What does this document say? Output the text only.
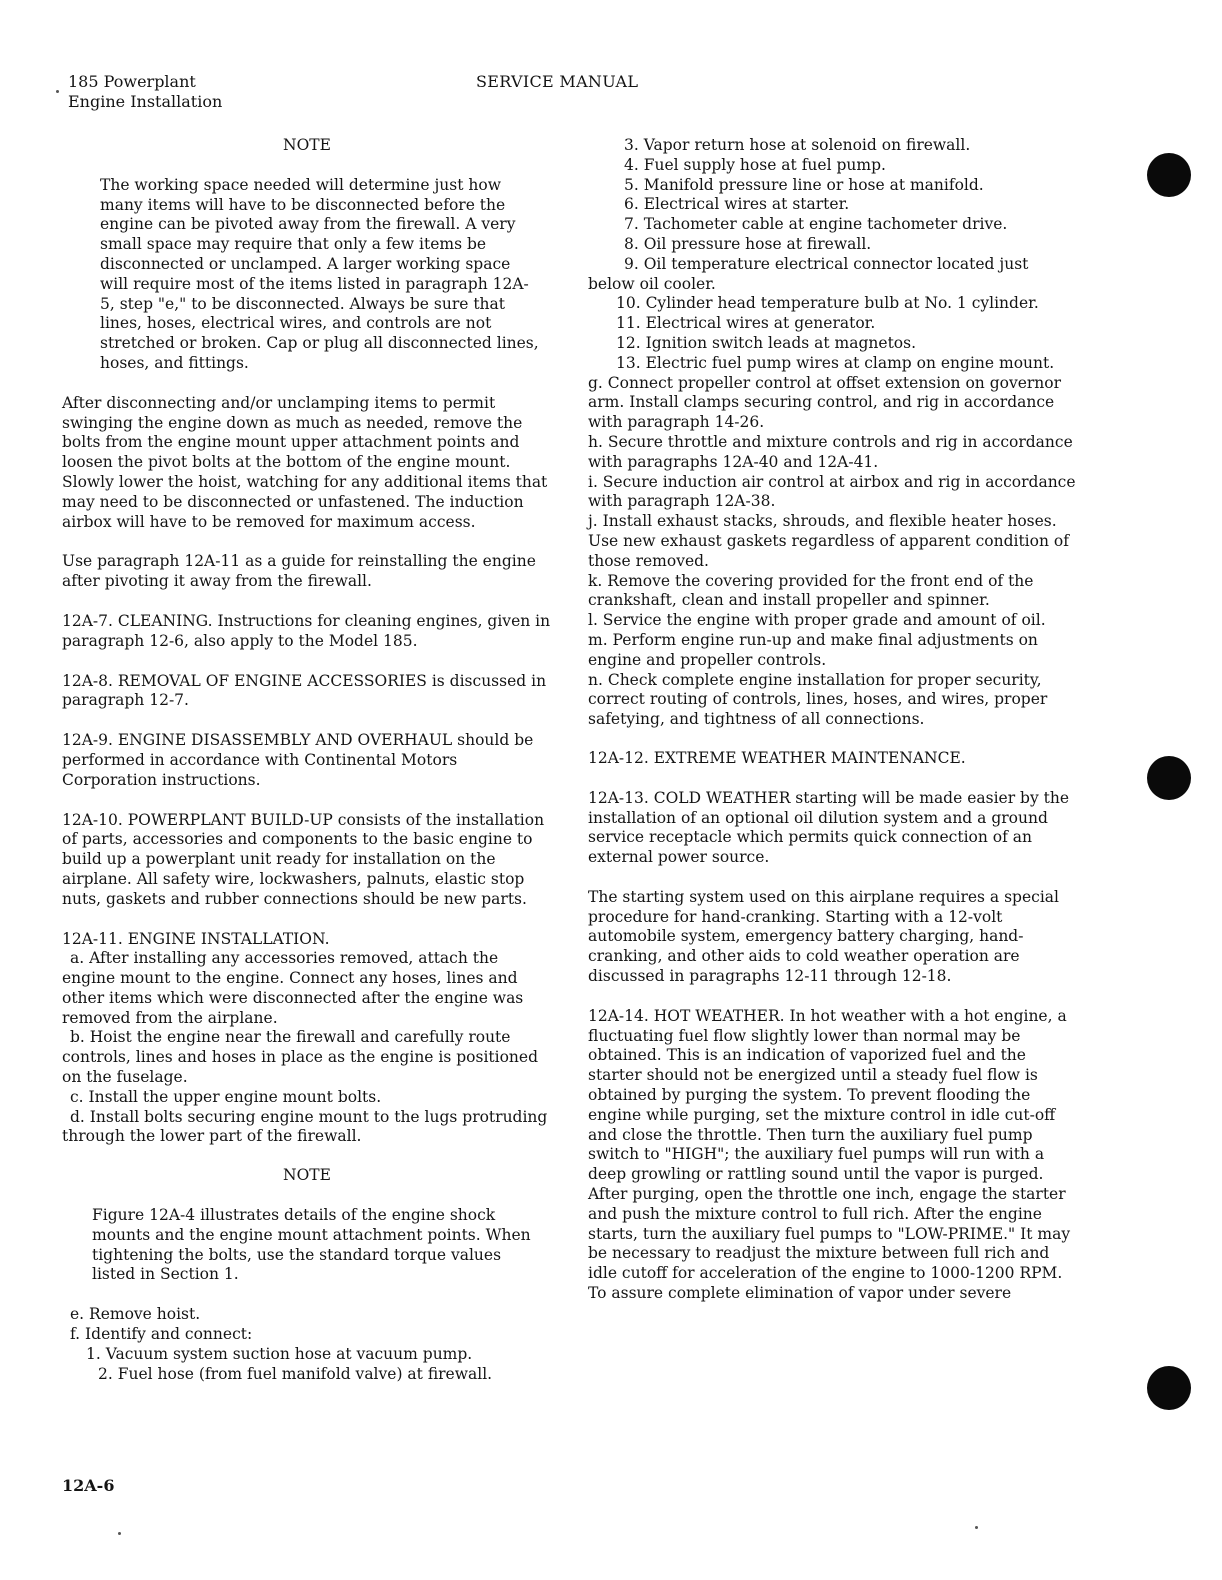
185 Powerplant
Engine Installation
SERVICE MANUAL
NOTE
The working space needed will determine just how many items will have to be disconnected before the engine can be pivoted away from the firewall. A very small space may require that only a few items be disconnected or unclamped. A larger working space will require most of the items listed in paragraph 12A-5, step "e," to be disconnected. Always be sure that lines, hoses, electrical wires, and controls are not stretched or broken. Cap or plug all disconnected lines, hoses, and fittings.
After disconnecting and/or unclamping items to permit swinging the engine down as much as needed, remove the bolts from the engine mount upper attachment points and loosen the pivot bolts at the bottom of the engine mount. Slowly lower the hoist, watching for any additional items that may need to be disconnected or unfastened. The induction airbox will have to be removed for maximum access.
Use paragraph 12A-11 as a guide for reinstalling the engine after pivoting it away from the firewall.
12A-7. CLEANING. Instructions for cleaning engines, given in paragraph 12-6, also apply to the Model 185.
12A-8. REMOVAL OF ENGINE ACCESSORIES is discussed in paragraph 12-7.
12A-9. ENGINE DISASSEMBLY AND OVERHAUL should be performed in accordance with Continental Motors Corporation instructions.
12A-10. POWERPLANT BUILD-UP consists of the installation of parts, accessories and components to the basic engine to build up a powerplant unit ready for installation on the airplane. All safety wire, lockwashers, palnuts, elastic stop nuts, gaskets and rubber connections should be new parts.
12A-11. ENGINE INSTALLATION.
a. After installing any accessories removed, attach the engine mount to the engine. Connect any hoses, lines and other items which were disconnected after the engine was removed from the airplane.
b. Hoist the engine near the firewall and carefully route controls, lines and hoses in place as the engine is positioned on the fuselage.
c. Install the upper engine mount bolts.
d. Install bolts securing engine mount to the lugs protruding through the lower part of the firewall.
NOTE
Figure 12A-4 illustrates details of the engine shock mounts and the engine mount attachment points. When tightening the bolts, use the standard torque values listed in Section 1.
e. Remove hoist.
f. Identify and connect:
1. Vacuum system suction hose at vacuum pump.
2. Fuel hose (from fuel manifold valve) at firewall.
3. Vapor return hose at solenoid on firewall.
4. Fuel supply hose at fuel pump.
5. Manifold pressure line or hose at manifold.
6. Electrical wires at starter.
7. Tachometer cable at engine tachometer drive.
8. Oil pressure hose at firewall.
9. Oil temperature electrical connector located just below oil cooler.
10. Cylinder head temperature bulb at No. 1 cylinder.
11. Electrical wires at generator.
12. Ignition switch leads at magnetos.
13. Electric fuel pump wires at clamp on engine mount.
g. Connect propeller control at offset extension on governor arm. Install clamps securing control, and rig in accordance with paragraph 14-26.
h. Secure throttle and mixture controls and rig in accordance with paragraphs 12A-40 and 12A-41.
i. Secure induction air control at airbox and rig in accordance with paragraph 12A-38.
j. Install exhaust stacks, shrouds, and flexible heater hoses. Use new exhaust gaskets regardless of apparent condition of those removed.
k. Remove the covering provided for the front end of the crankshaft, clean and install propeller and spinner.
l. Service the engine with proper grade and amount of oil.
m. Perform engine run-up and make final adjustments on engine and propeller controls.
n. Check complete engine installation for proper security, correct routing of controls, lines, hoses, and wires, proper safetying, and tightness of all connections.
12A-12. EXTREME WEATHER MAINTENANCE.
12A-13. COLD WEATHER starting will be made easier by the installation of an optional oil dilution system and a ground service receptacle which permits quick connection of an external power source.
The starting system used on this airplane requires a special procedure for hand-cranking. Starting with a 12-volt automobile system, emergency battery charging, hand-cranking, and other aids to cold weather operation are discussed in paragraphs 12-11 through 12-18.
12A-14. HOT WEATHER. In hot weather with a hot engine, a fluctuating fuel flow slightly lower than normal may be obtained. This is an indication of vaporized fuel and the starter should not be energized until a steady fuel flow is obtained by purging the system. To prevent flooding the engine while purging, set the mixture control in idle cut-off and close the throttle. Then turn the auxiliary fuel pump switch to "HIGH"; the auxiliary fuel pumps will run with a deep growling or rattling sound until the vapor is purged. After purging, open the throttle one inch, engage the starter and push the mixture control to full rich. After the engine starts, turn the auxiliary fuel pumps to "LOW-PRIME." It may be necessary to readjust the mixture between full rich and idle cutoff for acceleration of the engine to 1000-1200 RPM. To assure complete elimination of vapor under severe
12A-6
